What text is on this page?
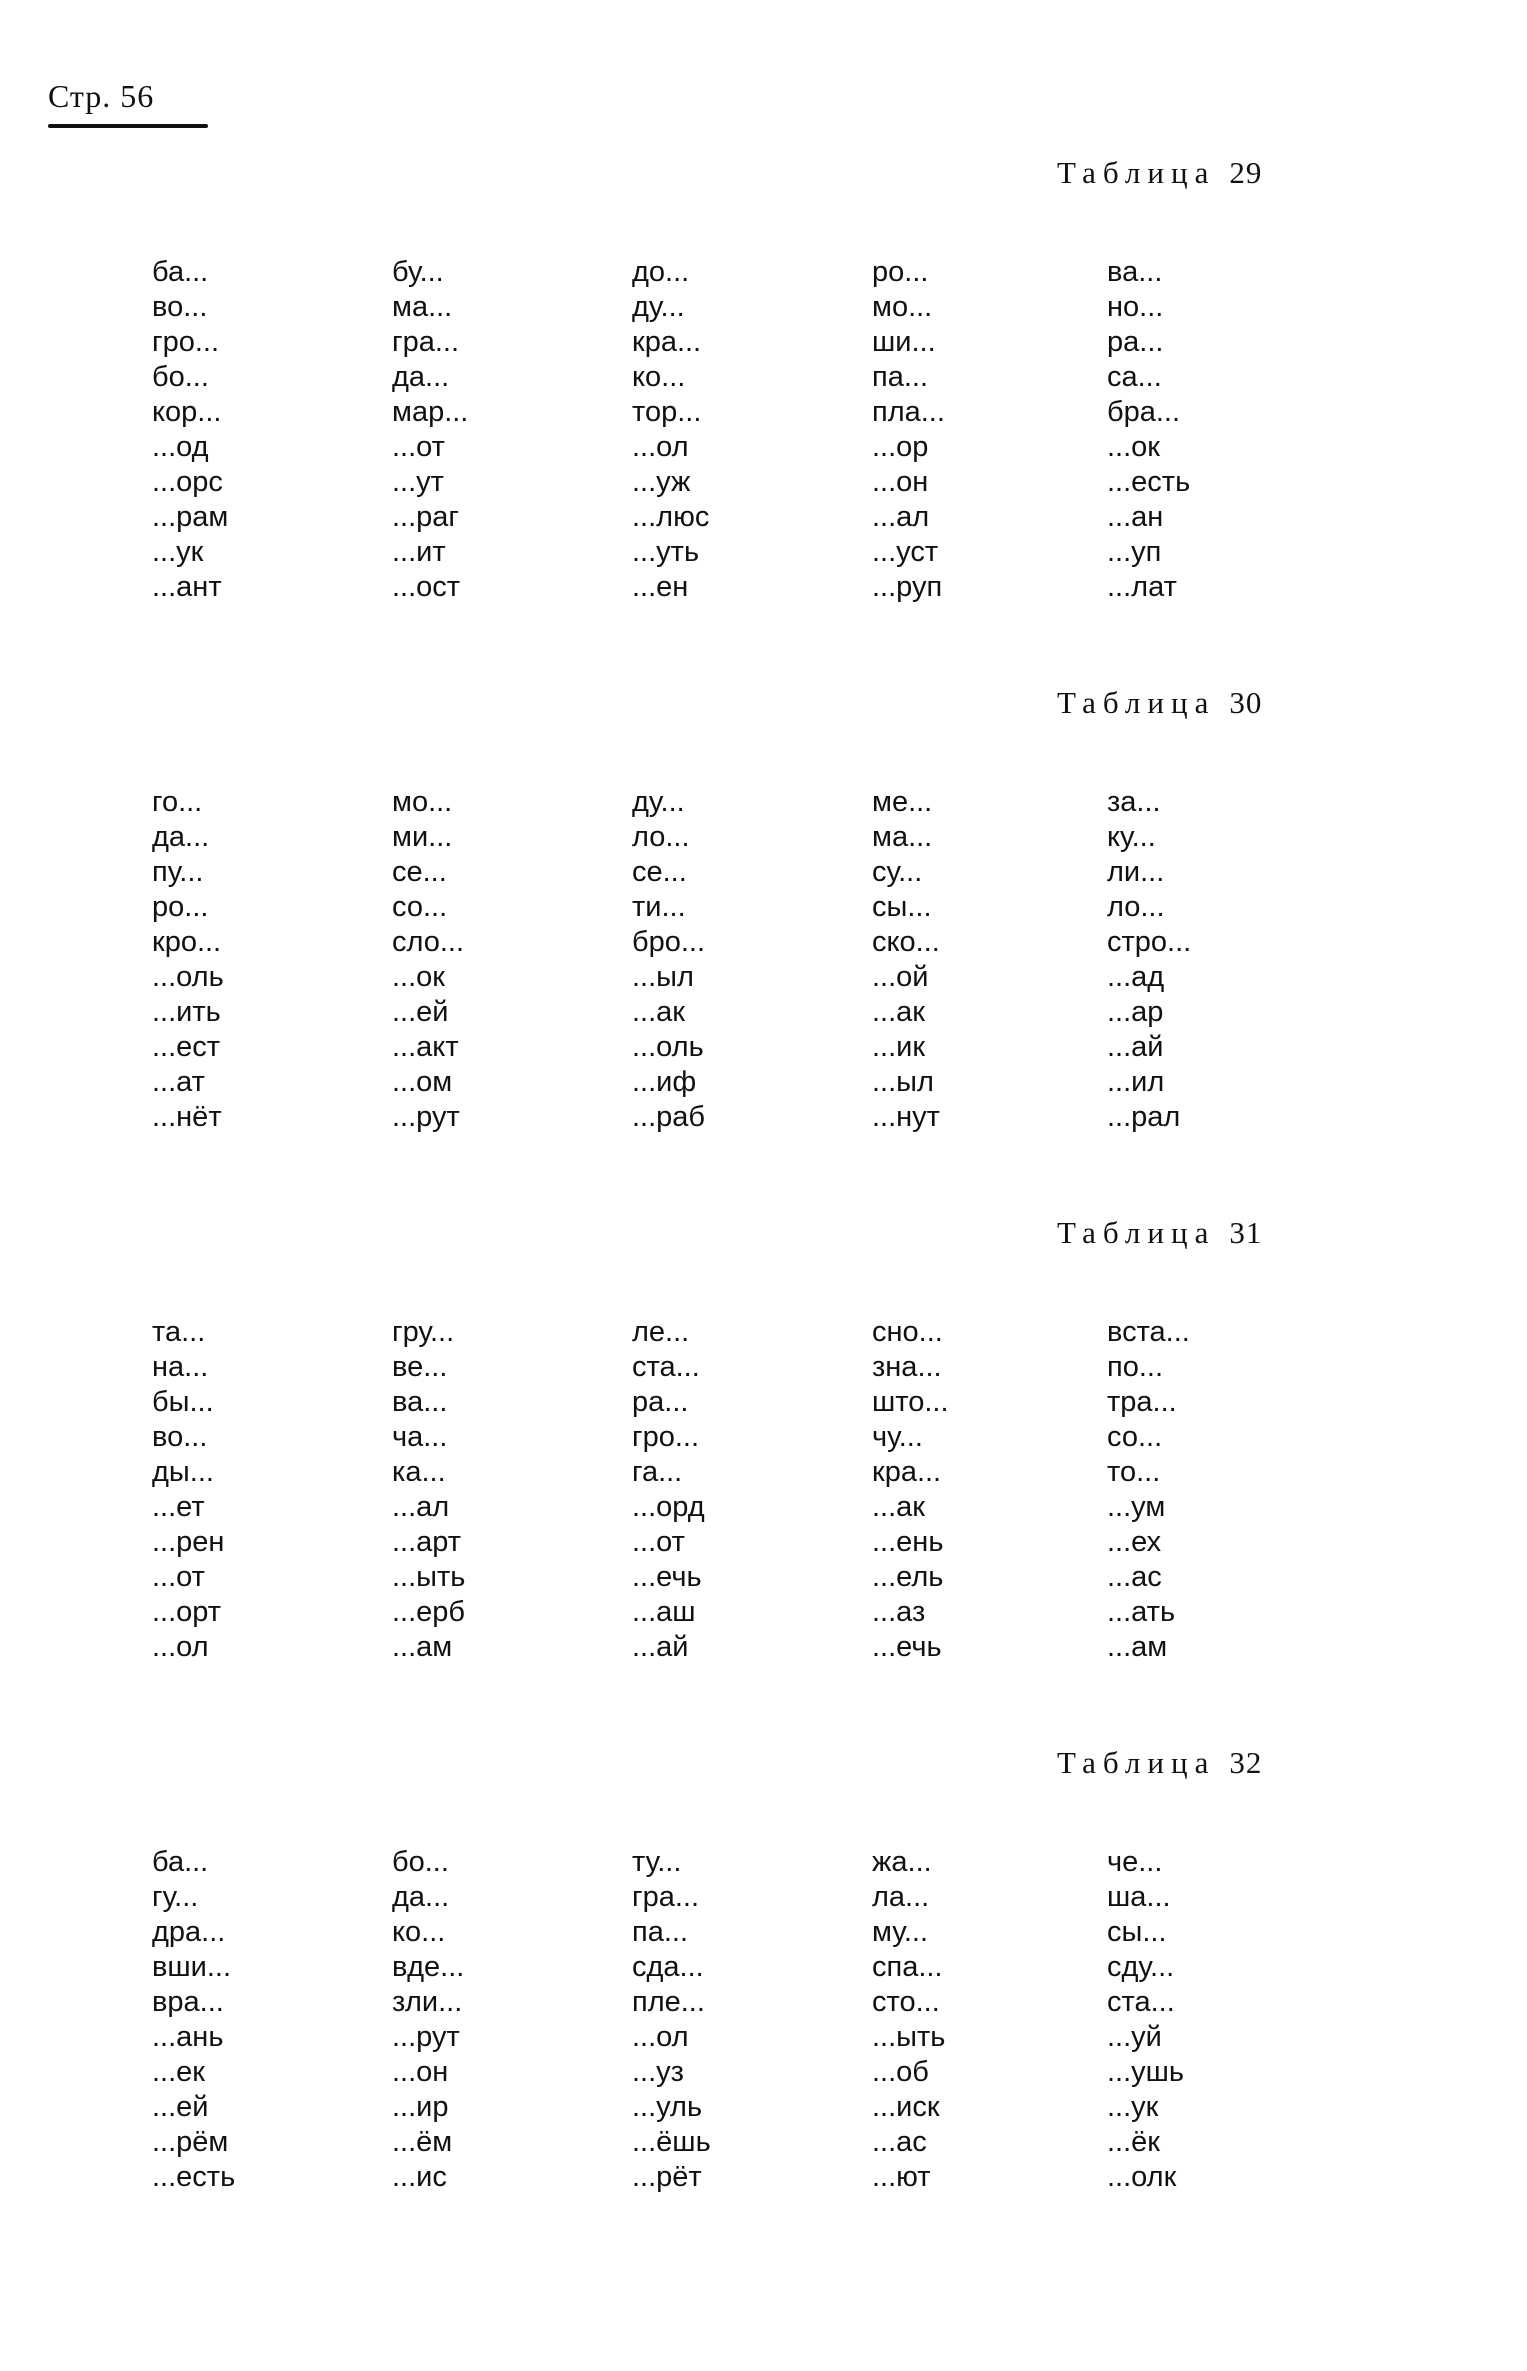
Стр. 56
Таблица 29
ба...
во...
гро...
бо...
кор...
...од
...орс
...рам
...ук
...ант
бу...
ма...
гра...
да...
мар...
...от
...ут
...раг
...ит
...ост
до...
ду...
кра...
ко...
тор...
...ол
...уж
...люс
...уть
...ен
ро...
мо...
ши...
па...
пла...
...ор
...он
...ал
...уст
...руп
ва...
но...
ра...
са...
бра...
...ок
...есть
...ан
...уп
...лат
Таблица 30
го...
да...
пу...
ро...
кро...
...оль
...ить
...ест
...ат
...нёт
мо...
ми...
се...
со...
сло...
...ок
...ей
...акт
...ом
...рут
ду...
ло...
се...
ти...
бро...
...ыл
...ак
...оль
...иф
...раб
ме...
ма...
су...
сы...
ско...
...ой
...ак
...ик
...ыл
...нут
за...
ку...
ли...
ло...
стро...
...ад
...ар
...ай
...ил
...рал
Таблица 31
та...
на...
бы...
во...
ды...
...ет
...рен
...от
...орт
...ол
гру...
ве...
ва...
ча...
ка...
...ал
...арт
...ыть
...ерб
...ам
ле...
ста...
ра...
гро...
га...
...орд
...от
...ечь
...аш
...ай
сно...
зна...
што...
чу...
кра...
...ак
...ень
...ель
...аз
...ечь
вста...
по...
тра...
со...
то...
...ум
...ех
...ас
...ать
...ам
Таблица 32
ба...
гу...
дра...
вши...
вра...
...ань
...ек
...ей
...рём
...есть
бо...
да...
ко...
вде...
зли...
...рут
...он
...ир
...ём
...ис
ту...
гра...
па...
сда...
пле...
...ол
...уз
...уль
...ёшь
...рёт
жа...
ла...
му...
спа...
сто...
...ыть
...об
...иск
...ас
...ют
че...
ша...
сы...
сду...
ста...
...уй
...ушь
...ук
...ёк
...олк
